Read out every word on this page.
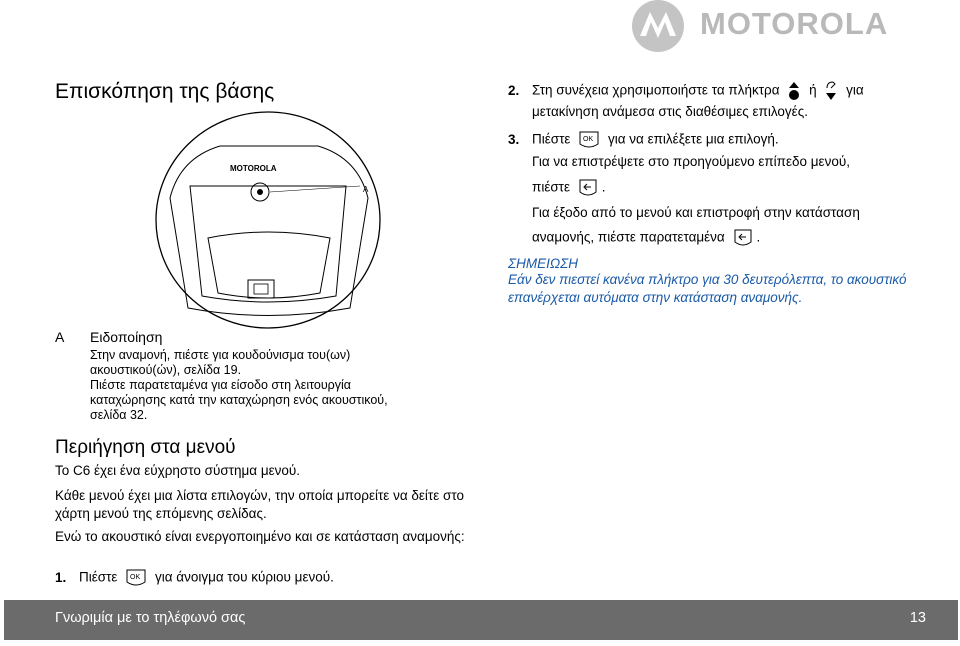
MOTOROLA
Επισκόπηση της βάσης
MOTOROLA
A
A Ειδοποίηση
Στην αναμονή, πιέστε για κουδούνισμα του(ων)
ακουστικού(ών), σελίδα 19.
Πιέστε παρατεταμένα για είσοδο στη λειτουργία
καταχώρησης κατά την καταχώρηση ενός ακουστικού,
σελίδα 32.
Περιήγηση στα μενού
Το C6 έχει ένα εύχρηστο σύστημα μενού.
Κάθε μενού έχει μια λίστα επιλογών, την οποία μπορείτε να δείτε στο χάρτη μενού της επόμενης σελίδας.
Ενώ το ακουστικό είναι ενεργοποιημένο και σε κατάσταση αναμονής:
1. Πιέστε OK για άνοιγμα του κύριου μενού.
2. Στη συνέχεια χρησιμοποιήστε τα πλήκτρα ή για
μετακίνηση ανάμεσα στις διαθέσιμες επιλογές.
3. Πιέστε OK για να επιλέξετε μια επιλογή.
Για να επιστρέψετε στο προηγούμενο επίπεδο μενού,
πιέστε .
Για έξοδο από το μενού και επιστροφή στην κατάσταση
αναμονής, πιέστε παρατεταμένα .
ΣΗΜΕΙΩΣΗ
Εάν δεν πιεστεί κανένα πλήκτρο για 30 δευτερόλεπτα, το ακουστικό επανέρχεται αυτόματα στην κατάσταση αναμονής.
Γνωριμία με το τηλέφωνό σας	13
